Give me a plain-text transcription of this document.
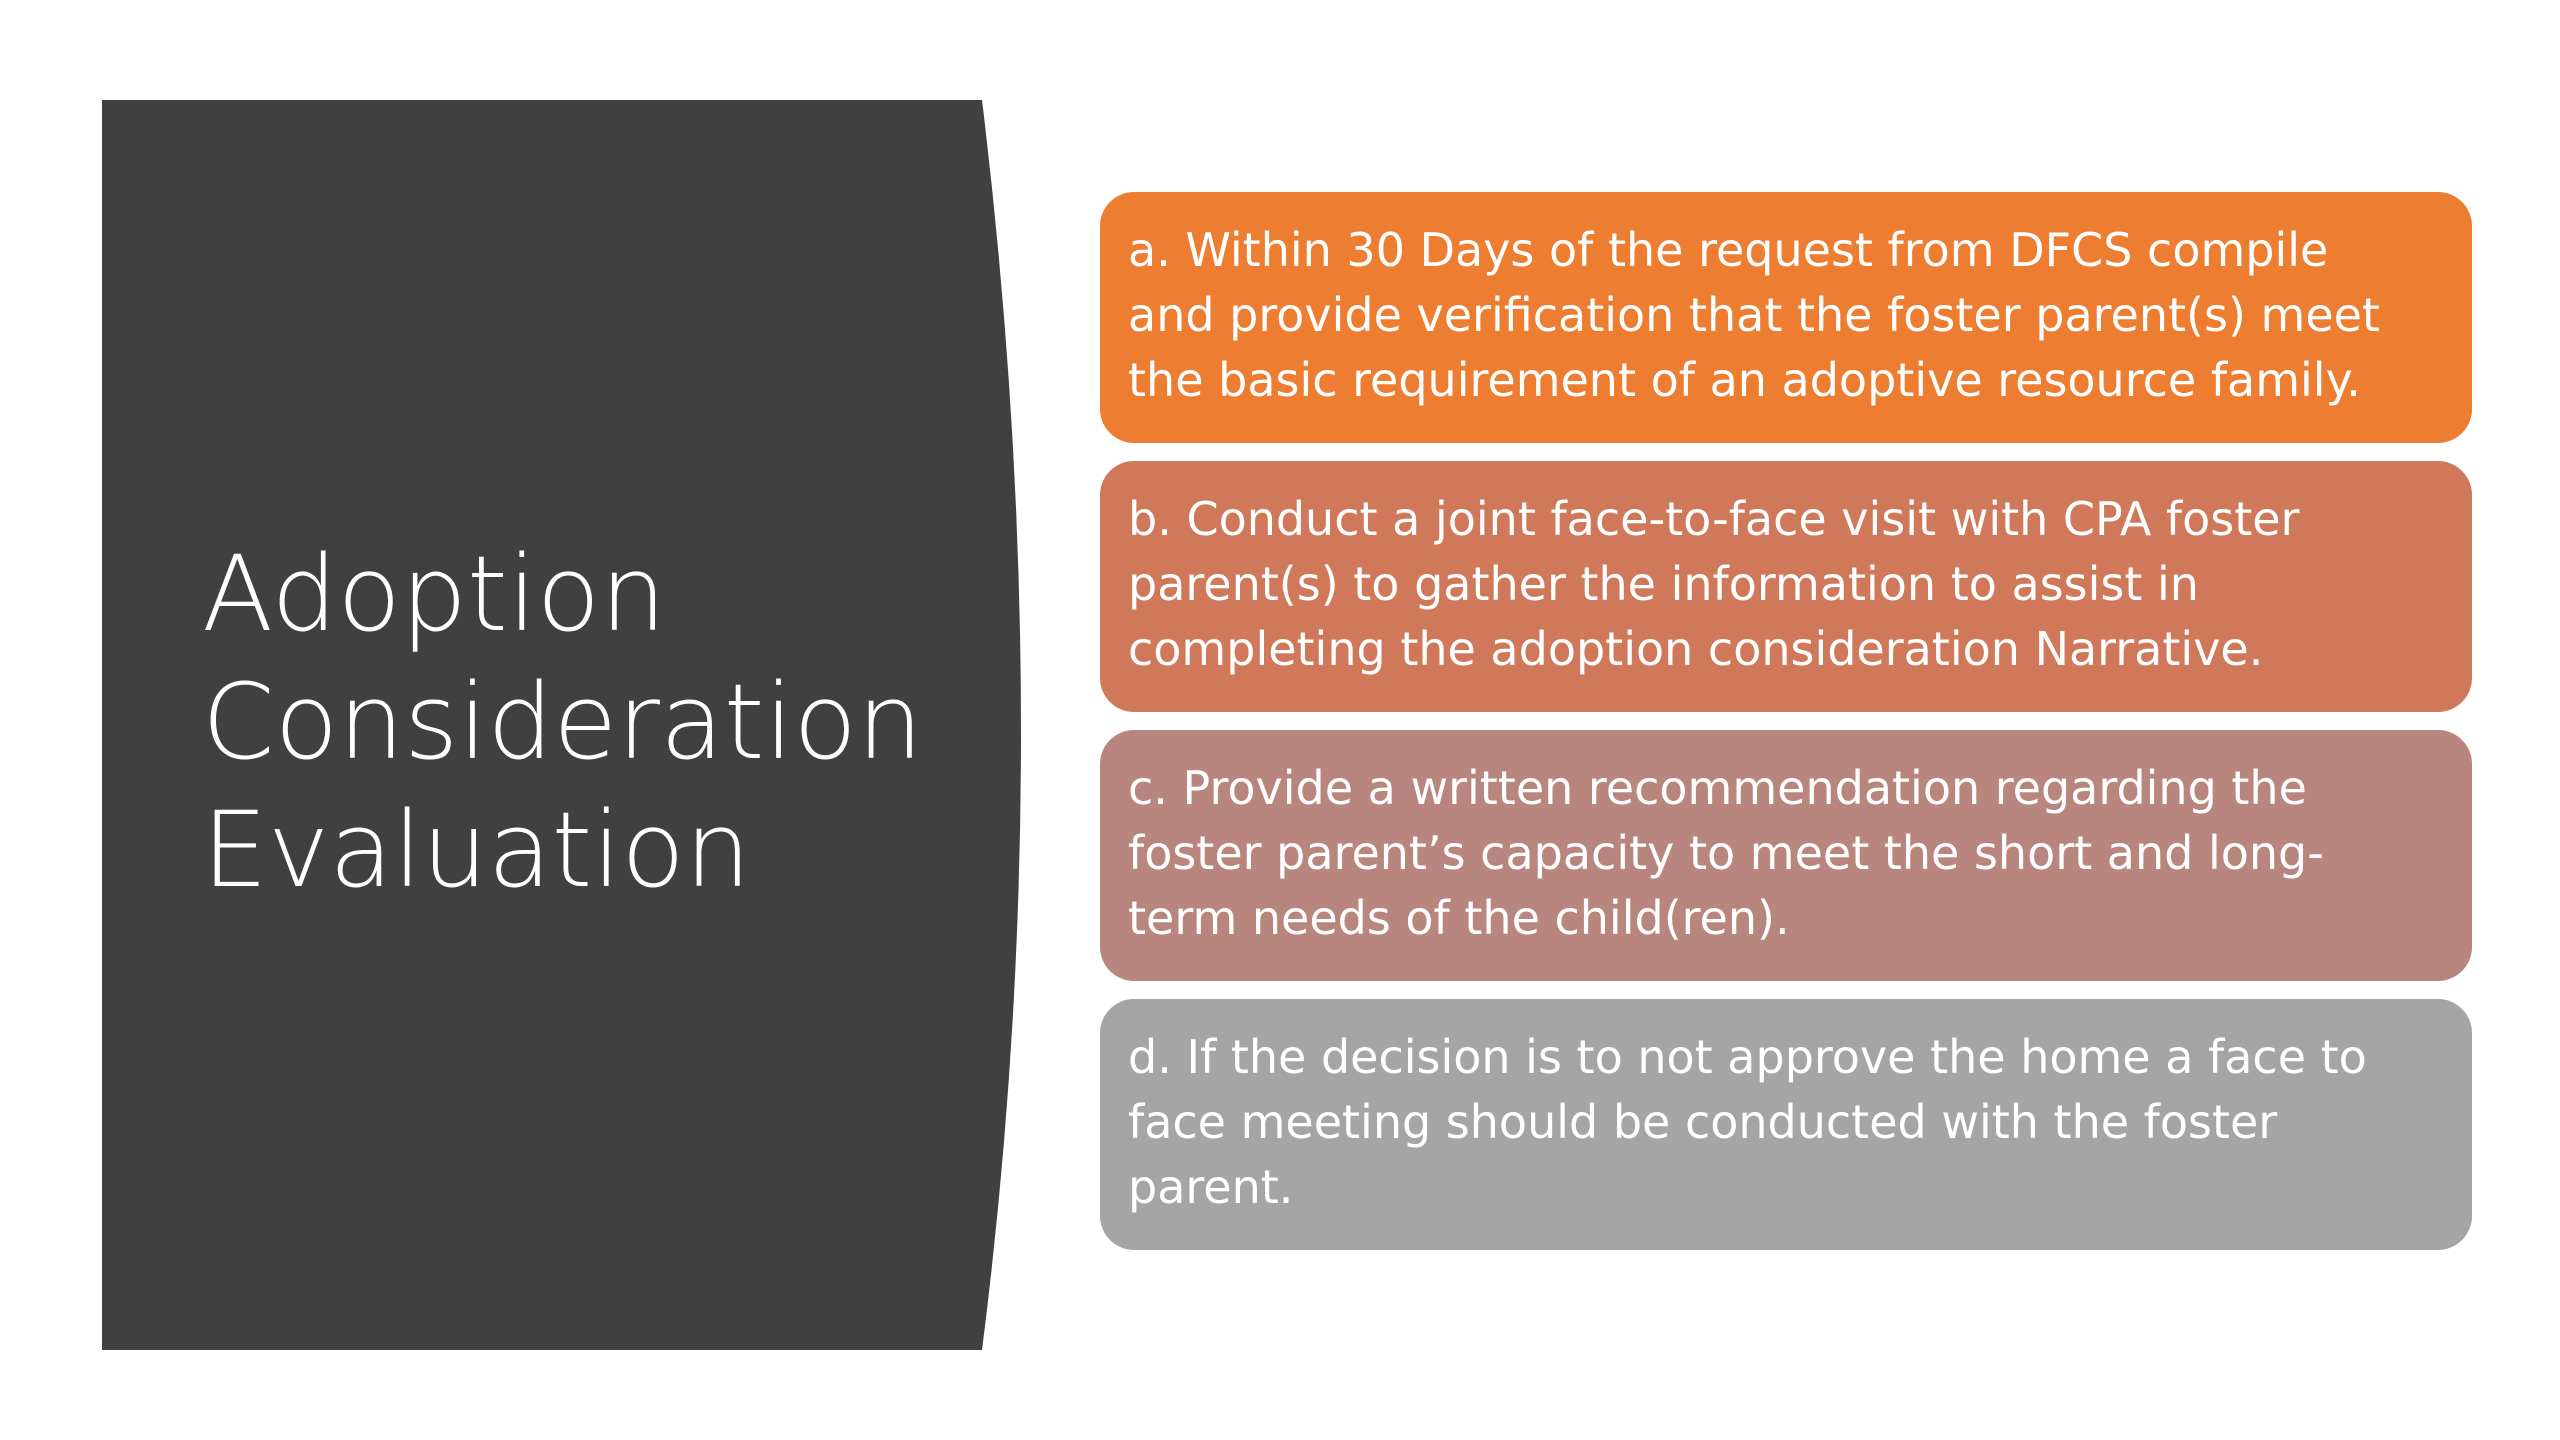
Adoption
Consideration
Evaluation
a. Within 30 Days of the request from DFCS compile
and provide verification that the foster parent(s) meet
the basic requirement of an adoptive resource family.
b. Conduct a joint face-to-face visit with CPA foster
parent(s) to gather the information to assist in
completing the adoption consideration Narrative.
c. Provide a written recommendation regarding the
foster parent’s capacity to meet the short and long-
term needs of the child(ren).
d. If the decision is to not approve the home a face to
face meeting should be conducted with the foster
parent.
